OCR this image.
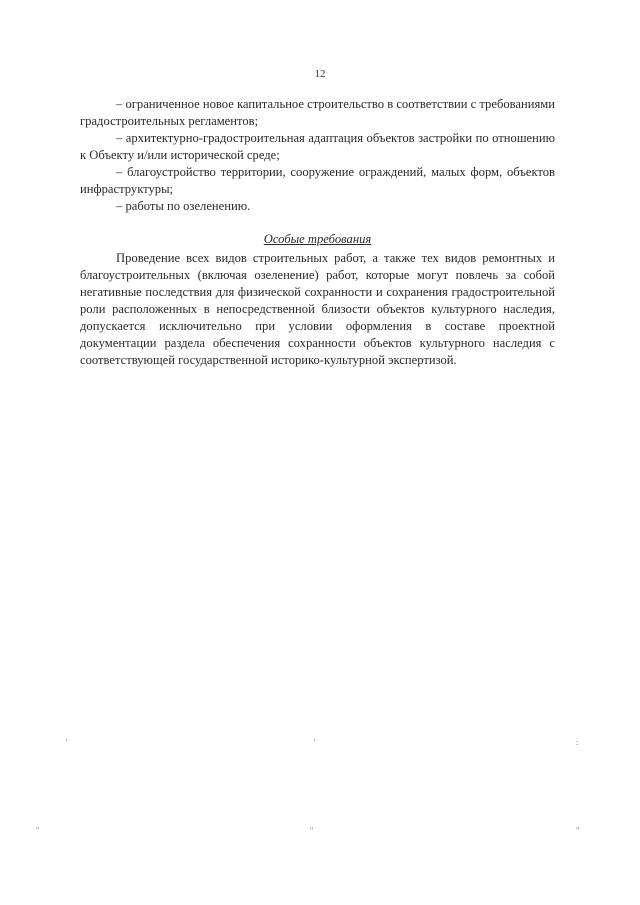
12

– ограниченное новое капитальное строительство в соответствии с требованиями градостроительных регламентов;

– архитектурно-градостроительная адаптация объектов застройки по отношению к Объекту и/или исторической среде;

– благоустройство территории, сооружение ограждений, малых форм, объектов инфраструктуры;

– работы по озеленению.

Особые требования

Проведение всех видов строительных работ, а также тех видов ремонтных и благоустроительных (включая озеленение) работ, которые могут повлечь за собой негативные последствия для физической сохранности и сохранения градостроительной роли расположенных в непосредственной близости объектов культурного наследия, допускается исключительно при условии оформления в составе проектной документации раздела обеспечения сохранности объектов культурного наследия с соответствующей государственной историко-культурной экспертизой.

'	'	:
"	"	"
